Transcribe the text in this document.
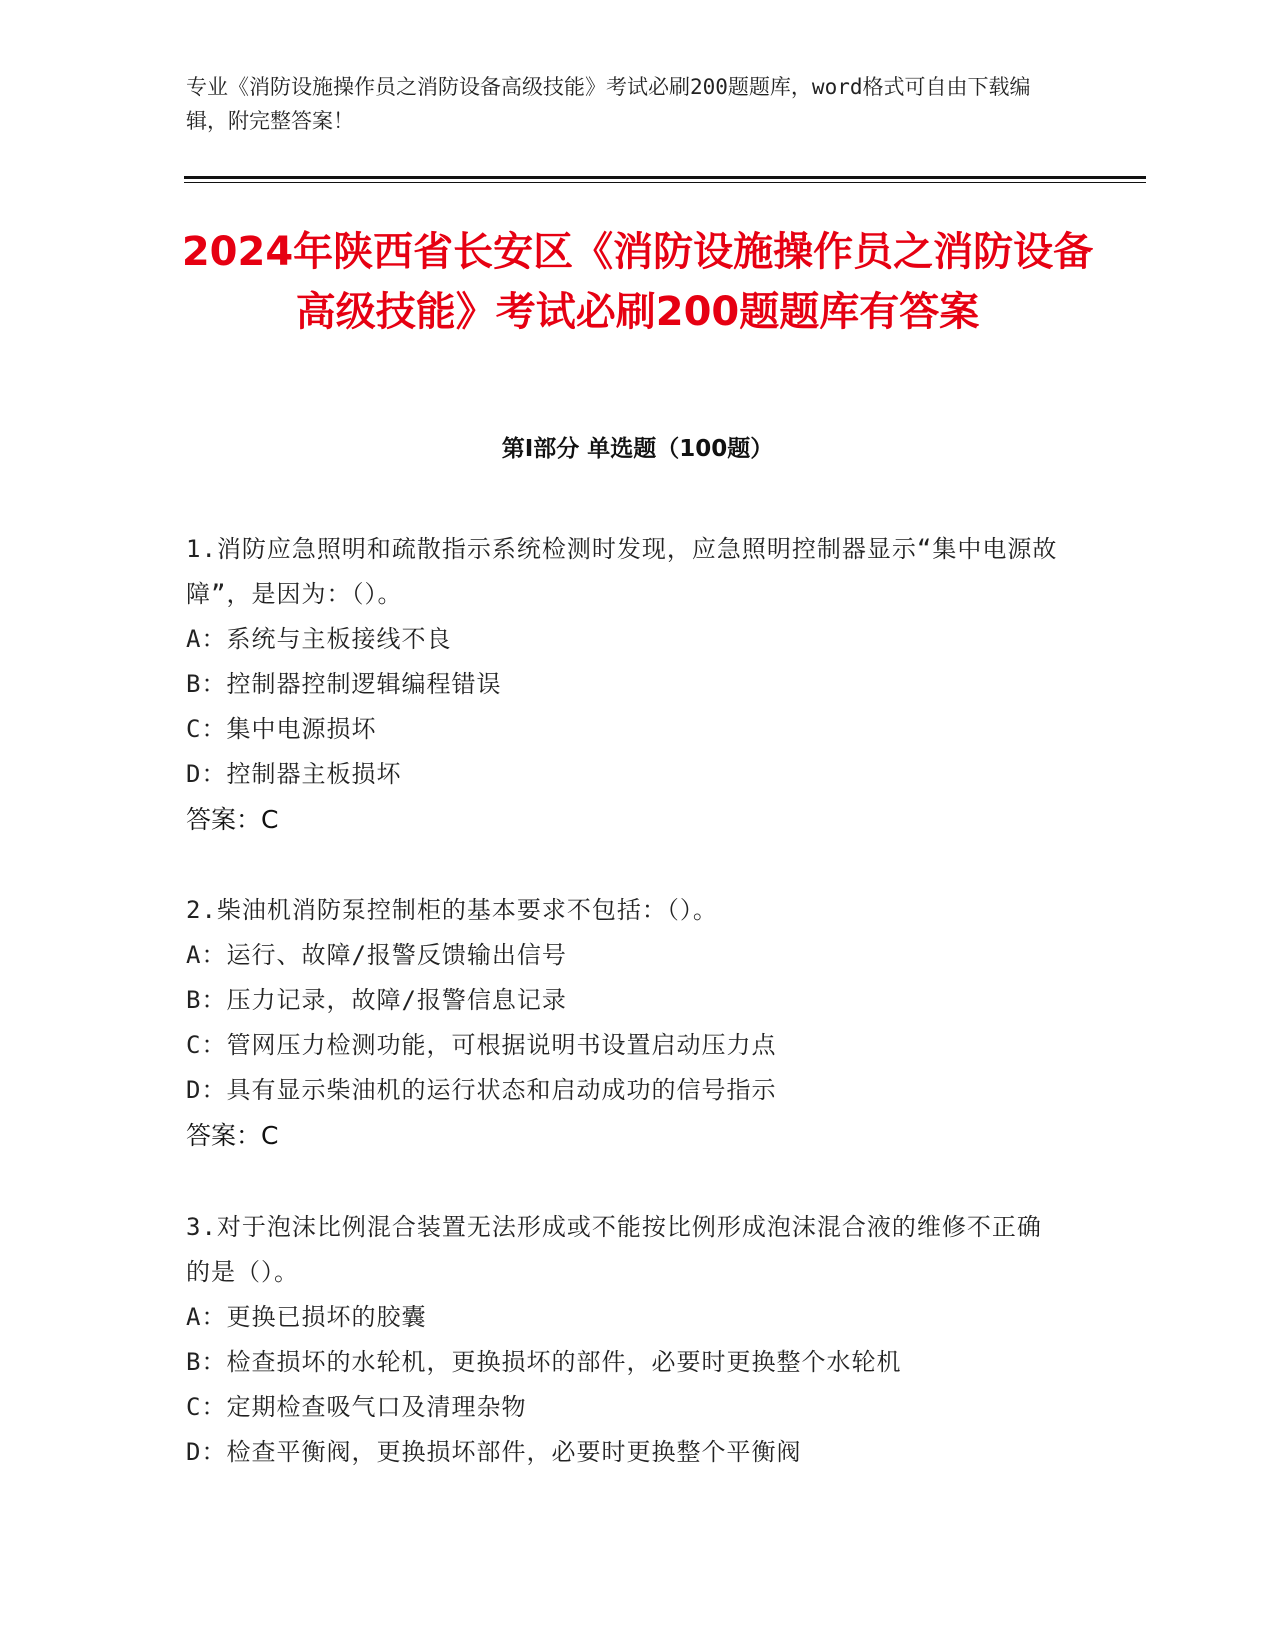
专业《消防设施操作员之消防设备高级技能》考试必刷200题题库，word格式可自由下载编辑，附完整答案！
2024年陕西省长安区《消防设施操作员之消防设备高级技能》考试必刷200题题库有答案
第I部分 单选题（100题）

1.消防应急照明和疏散指示系统检测时发现，应急照明控制器显示“集中电源故障”，是因为：（）。

A：系统与主板接线不良

B：控制器控制逻辑编程错误

C：集中电源损坏

D：控制器主板损坏

答案：C

2.柴油机消防泵控制柜的基本要求不包括：（）。

A：运行、故障/报警反馈输出信号

B：压力记录，故障/报警信息记录

C：管网压力检测功能，可根据说明书设置启动压力点

D：具有显示柴油机的运行状态和启动成功的信号指示

答案：C

3.对于泡沫比例混合装置无法形成或不能按比例形成泡沫混合液的维修不正确的是（）。

A：更换已损坏的胶囊

B：检查损坏的水轮机，更换损坏的部件，必要时更换整个水轮机

C：定期检查吸气口及清理杂物

D：检查平衡阀，更换损坏部件，必要时更换整个平衡阀
